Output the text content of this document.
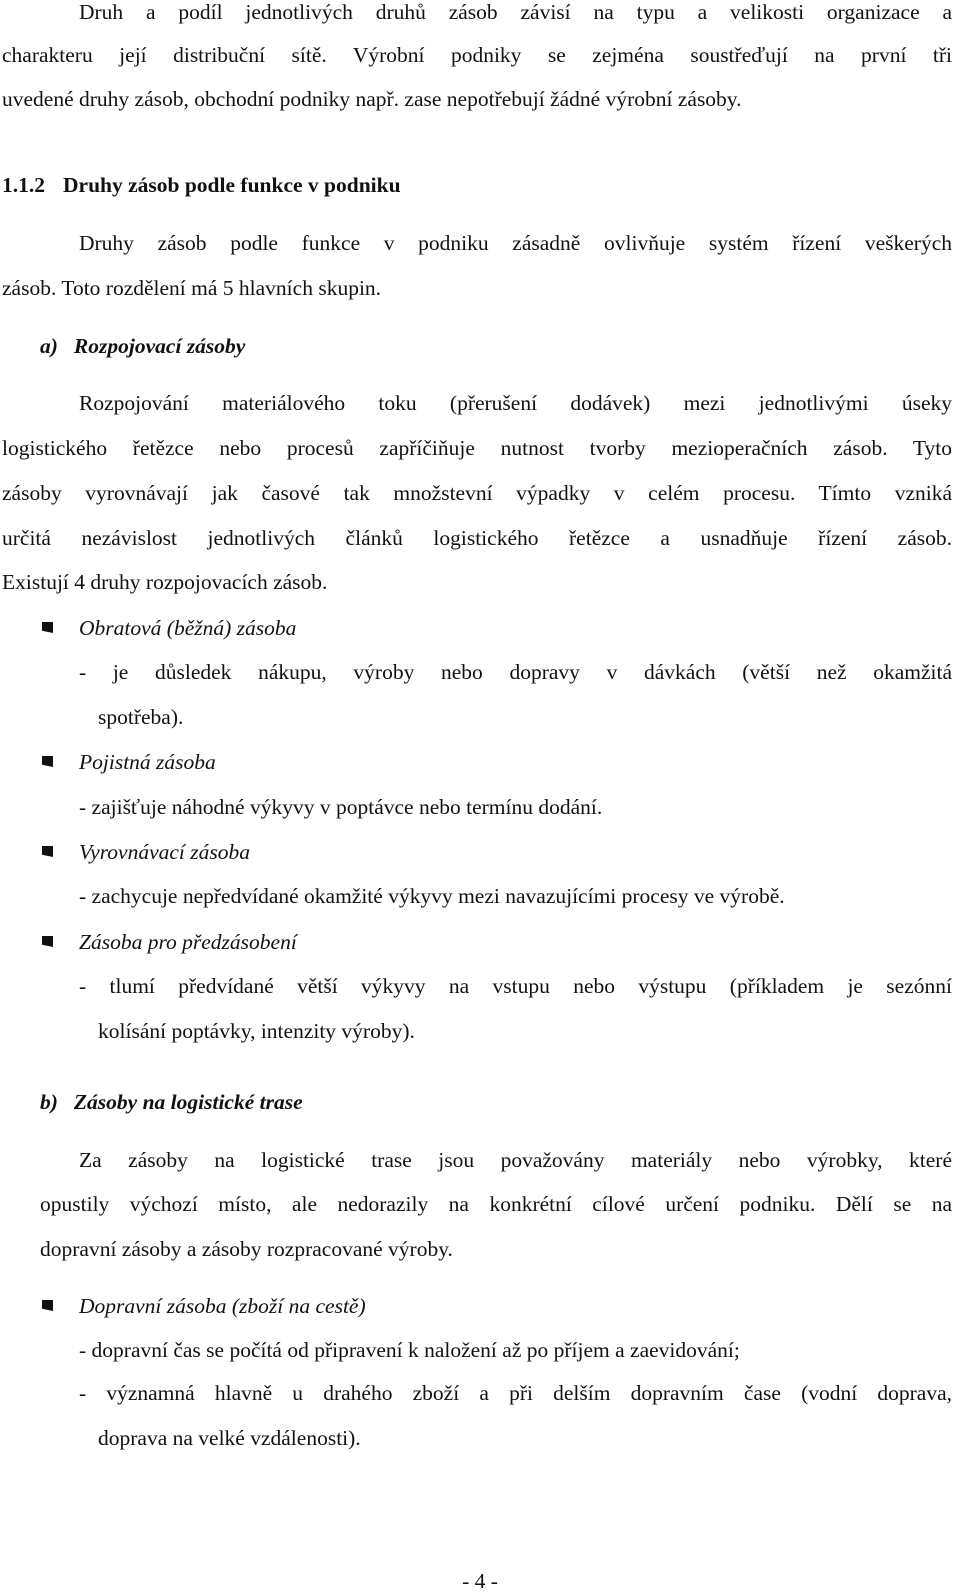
Druh a podíl jednotlivých druhů zásob závisí na typu a velikosti organizace a

charakteru její distribuční sítě. Výrobní podniky se zejména soustřeďují na první tři

uvedené druhy zásob, obchodní podniky např. zase nepotřebují žádné výrobní zásoby.

1.1.2 Druhy zásob podle funkce v podniku

Druhy zásob podle funkce v podniku zásadně ovlivňuje systém řízení veškerých

zásob. Toto rozdělení má 5 hlavních skupin.

a) Rozpojovací zásoby

Rozpojování materiálového toku (přerušení dodávek) mezi jednotlivými úseky

logistického řetězce nebo procesů zapříčiňuje nutnost tvorby mezioperačních zásob. Tyto

zásoby vyrovnávají jak časové tak množstevní výpadky v celém procesu. Tímto vzniká

určitá nezávislost jednotlivých článků logistického řetězce a usnadňuje řízení zásob.

Existují 4 druhy rozpojovacích zásob.

Obratová (běžná) zásoba

- je důsledek nákupu, výroby nebo dopravy v dávkách (větší než okamžitá

spotřeba).

Pojistná zásoba

- zajišťuje náhodné výkyvy v poptávce nebo termínu dodání.

Vyrovnávací zásoba

- zachycuje nepředvídané okamžité výkyvy mezi navazujícími procesy ve výrobě.

Zásoba pro předzásobení

- tlumí předvídané větší výkyvy na vstupu nebo výstupu (příkladem je sezónní

kolísání poptávky, intenzity výroby).

b) Zásoby na logistické trase

Za zásoby na logistické trase jsou považovány materiály nebo výrobky, které

opustily výchozí místo, ale nedorazily na konkrétní cílové určení podniku. Dělí se na

dopravní zásoby a zásoby rozpracované výroby.

Dopravní zásoba (zboží na cestě)

- dopravní čas se počítá od připravení k naložení až po příjem a zaevidování;

- významná hlavně u drahého zboží a při delším dopravním čase (vodní doprava,

doprava na velké vzdálenosti).

- 4 -
